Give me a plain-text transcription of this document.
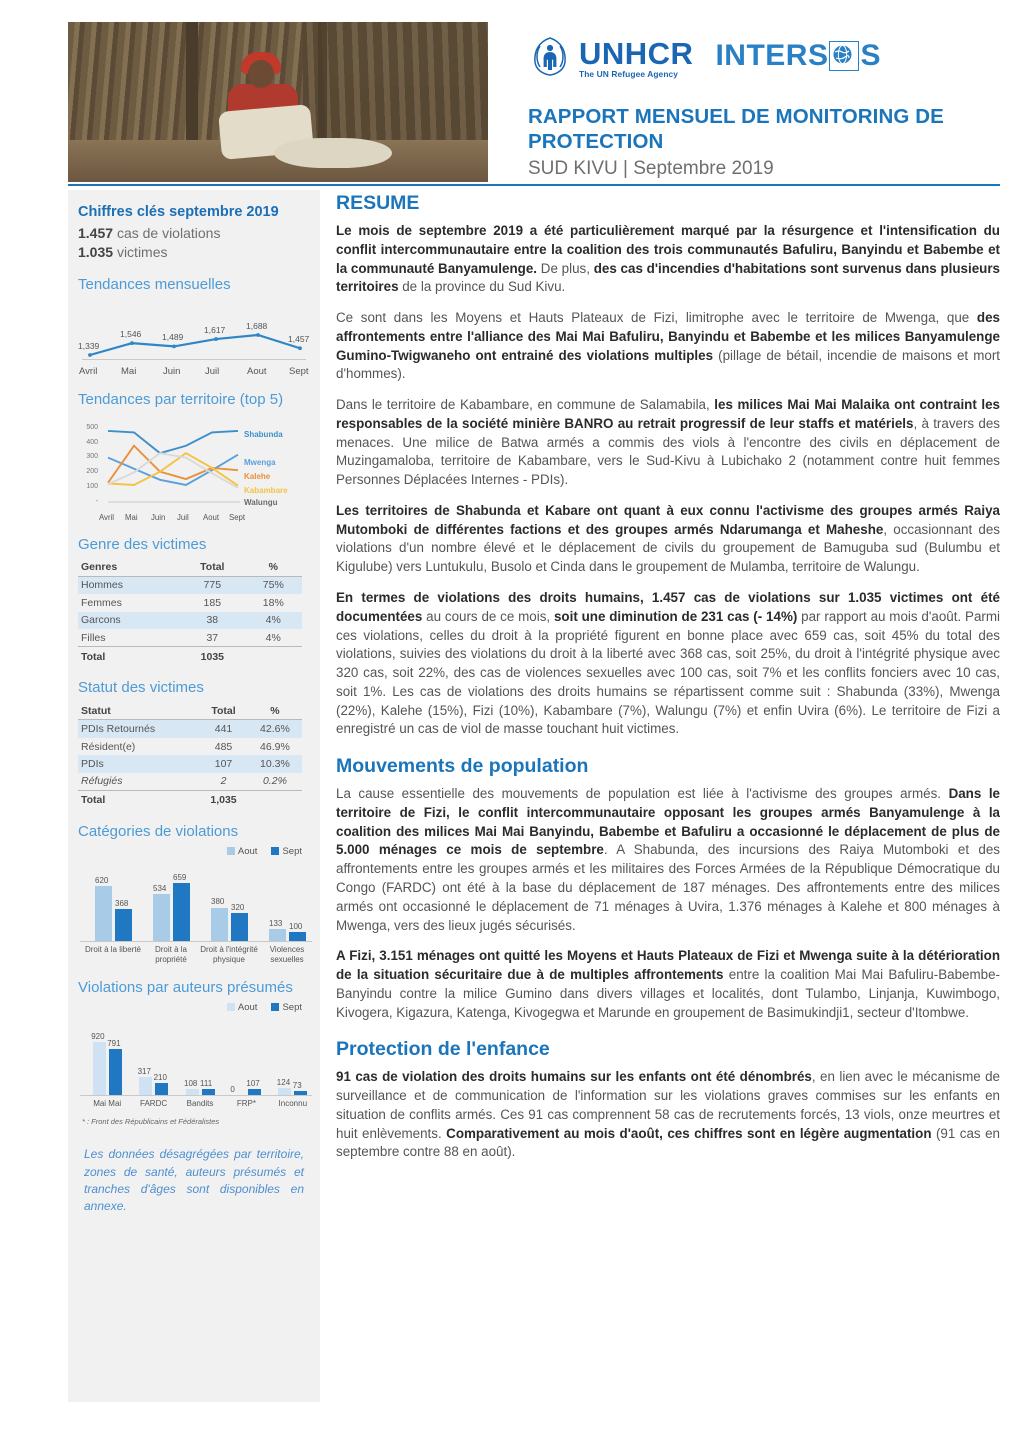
UNHCR
The UN Refugee Agency
INTERS S
RAPPORT MENSUEL DE MONITORING DE PROTECTION
SUD KIVU | Septembre 2019
Chiffres clés septembre 2019
1.457 cas de violations
1.035 victimes
Tendances mensuelles
1,339
Avril
1,546
Mai
1,489
Juin
1,617
Juil
1,688
Aout
1,457
Sept
Tendances par territoire (top 5)
-
100
200
300
400
500
Shabunda
Mwenga
Kalehe
Kabambare
Walungu
Avril Mai Juin Juil Aout Sept
Genre des victimes
Genres	Total	%
Hommes	775	75%
Femmes	185	18%
Garcons	38	4%
Filles	37	4%
Total	1035	
Statut des victimes
Statut	Total	%
PDIs Retournés	441	42.6%
Résident(e)	485	46.9%
PDIs	107	10.3%
Réfugiés	2	0.2%
Total	1,035	
Catégories de violations
Aout	Sept
620
368
Droit à la liberté
534
659
Droit à la propriété
380
320
Droit à l'intégrité physique
133 100
Violences sexuelles
Violations par auteurs présumés
Aout	Sept
920
791
Mai Mai
317
210
FARDC
108 111
Bandits
0
107
FRP*
124 73
Inconnu
* : Front des Républicains et Fédéralistes
Les données désagrégées par territoire, zones de santé, auteurs présumés et tranches d'âges sont disponibles en annexe.
RESUME

Le mois de septembre 2019 a été particulièrement marqué par la résurgence et l'intensification du conflit intercommunautaire entre la coalition des trois communautés Bafuliru, Banyindu et Babembe et la communauté Banyamulenge. De plus, des cas d'incendies d'habitations sont survenus dans plusieurs territoires de la province du Sud Kivu.

Ce sont dans les Moyens et Hauts Plateaux de Fizi, limitrophe avec le territoire de Mwenga, que des affrontements entre l'alliance des Mai Mai Bafuliru, Banyindu et Babembe et les milices Banyamulenge Gumino-Twigwaneho ont entrainé des violations multiples (pillage de bétail, incendie de maisons et mort d'hommes).

Dans le territoire de Kabambare, en commune de Salamabila, les milices Mai Mai Malaika ont contraint les responsables de la société minière BANRO au retrait progressif de leur staffs et matériels, à travers des menaces. Une milice de Batwa armés a commis des viols à l'encontre des civils en déplacement de Muzingamaloba, territoire de Kabambare, vers le Sud-Kivu à Lubichako 2 (notamment contre huit femmes Personnes Déplacées Internes - PDIs).

Les territoires de Shabunda et Kabare ont quant à eux connu l'activisme des groupes armés Raiya Mutomboki de différentes factions et des groupes armés Ndarumanga et Maheshe, occasionnant des violations d'un nombre élevé et le déplacement de civils du groupement de Bamuguba sud (Bulumbu et Kigulube) vers Luntukulu, Busolo et Cinda dans le groupement de Mulamba, territoire de Walungu.

En termes de violations des droits humains, 1.457 cas de violations sur 1.035 victimes ont été documentées au cours de ce mois, soit une diminution de 231 cas (- 14%) par rapport au mois d'août. Parmi ces violations, celles du droit à la propriété figurent en bonne place avec 659 cas, soit 45% du total des violations, suivies des violations du droit à la liberté avec 368 cas, soit 25%, du droit à l'intégrité physique avec 320 cas, soit 22%, des cas de violences sexuelles avec 100 cas, soit 7% et les conflits fonciers avec 10 cas, soit 1%. Les cas de violations des droits humains se répartissent comme suit : Shabunda (33%), Mwenga (22%), Kalehe (15%), Fizi (10%), Kabambare (7%), Walungu (7%) et enfin Uvira (6%). Le territoire de Fizi a enregistré un cas de viol de masse touchant huit victimes.

Mouvements de population

La cause essentielle des mouvements de population est liée à l'activisme des groupes armés. Dans le territoire de Fizi, le conflit intercommunautaire opposant les groupes armés Banyamulenge à la coalition des milices Mai Mai Banyindu, Babembe et Bafuliru a occasionné le déplacement de plus de 5.000 ménages ce mois de septembre. A Shabunda, des incursions des Raiya Mutomboki et des affrontements entre les groupes armés et les militaires des Forces Armées de la République Démocratique du Congo (FARDC) ont été à la base du déplacement de 187 ménages. Des affrontements entre des milices armés ont occasionné le déplacement de 71 ménages à Uvira, 1.376 ménages à Kalehe et 800 ménages à Mwenga, vers des lieux jugés sécurisés.

A Fizi, 3.151 ménages ont quitté les Moyens et Hauts Plateaux de Fizi et Mwenga suite à la détérioration de la situation sécuritaire due à de multiples affrontements entre la coalition Mai Mai Bafuliru-Babembe-Banyindu contre la milice Gumino dans divers villages et localités, dont Tulambo, Linjanja, Kuwimbogo, Kivogera, Kigazura, Katenga, Kivogegwa et Marunde en groupement de Basimukindji1, secteur d'Itombwe.

Protection de l'enfance

91 cas de violation des droits humains sur les enfants ont été dénombrés, en lien avec le mécanisme de surveillance et de communication de l'information sur les violations graves commises sur les enfants en situation de conflits armés. Ces 91 cas comprennent 58 cas de recrutements forcés, 13 viols, onze meurtres et huit enlèvements. Comparativement au mois d'août, ces chiffres sont en légère augmentation (91 cas en septembre contre 88 en août).
